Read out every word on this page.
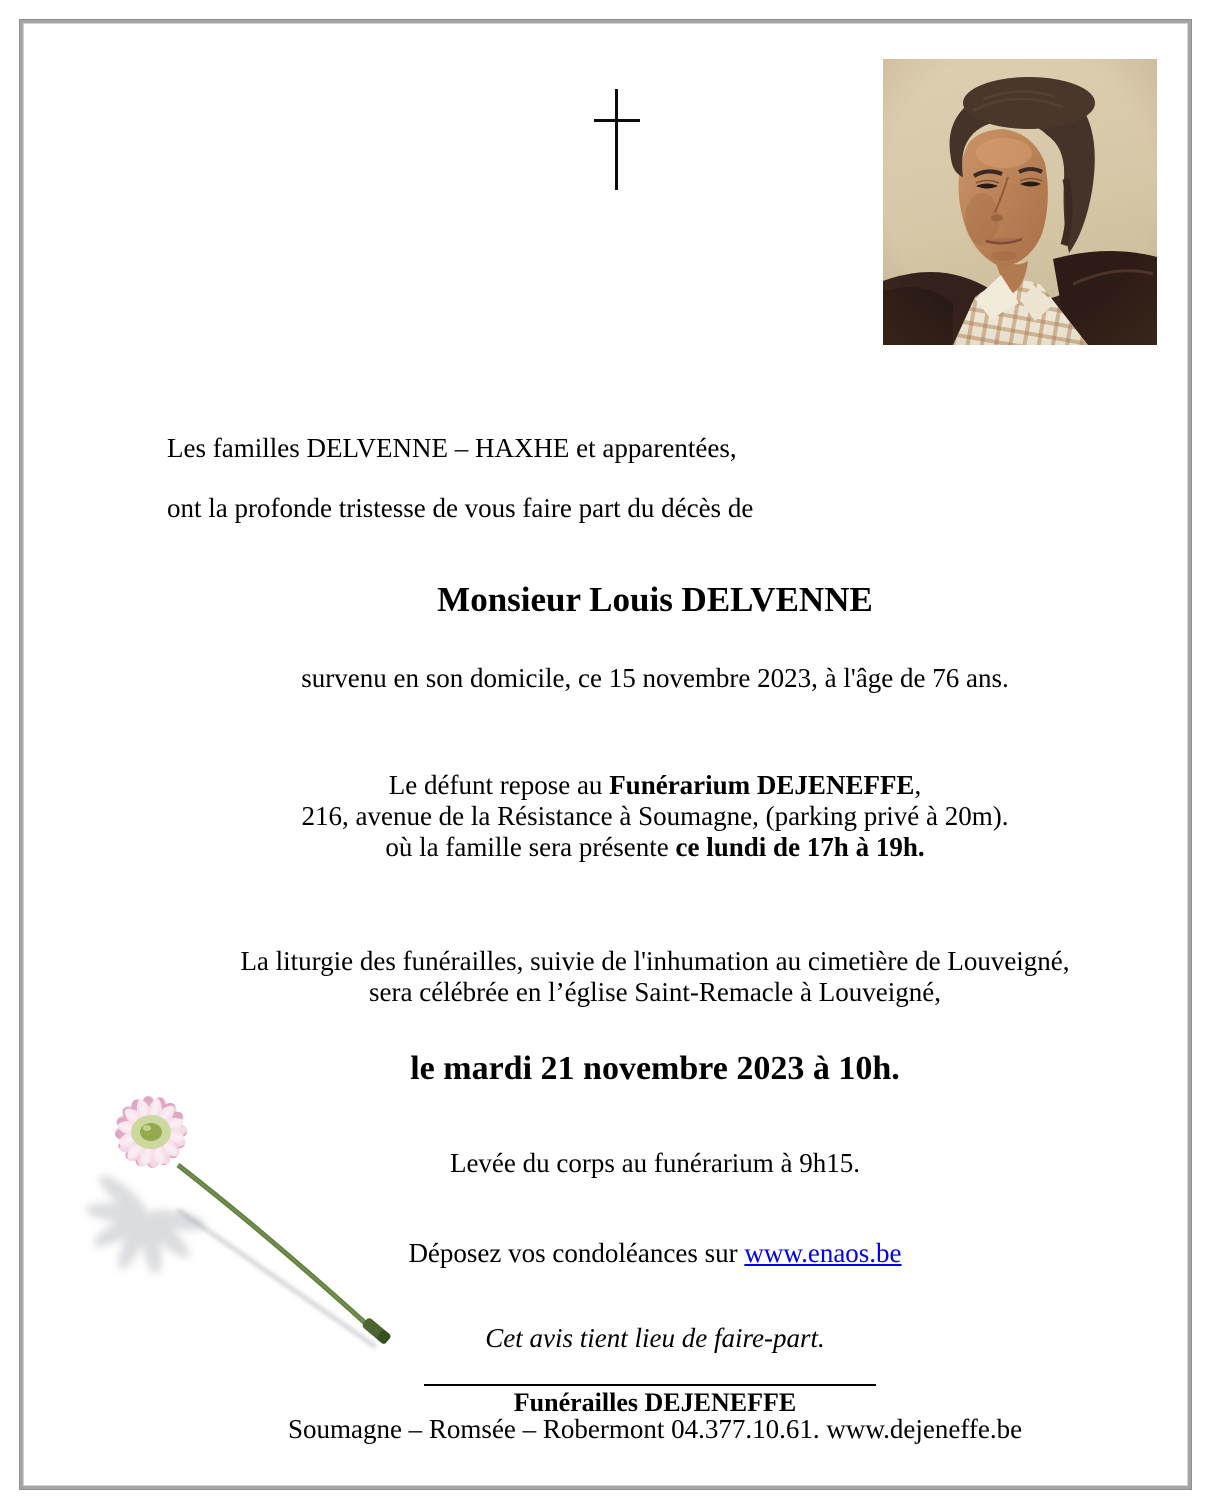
Les familles DELVENNE – HAXHE et apparentées,
ont la profonde tristesse de vous faire part du décès de
Monsieur Louis DELVENNE
survenu en son domicile, ce 15 novembre 2023, à l'âge de 76 ans.
Le défunt repose au Funérarium DEJENEFFE,
216, avenue de la Résistance à Soumagne, (parking privé à 20m).
où la famille sera présente ce lundi de 17h à 19h.
La liturgie des funérailles, suivie de l'inhumation au cimetière de Louveigné,
sera célébrée en l’église Saint-Remacle à Louveigné,
le mardi 21 novembre 2023 à 10h.
Levée du corps au funérarium à 9h15.
Déposez vos condoléances sur www.enaos.be
Cet avis tient lieu de faire-part.
Funérailles DEJENEFFE
Soumagne – Romsée – Robermont 04.377.10.61. www.dejeneffe.be
